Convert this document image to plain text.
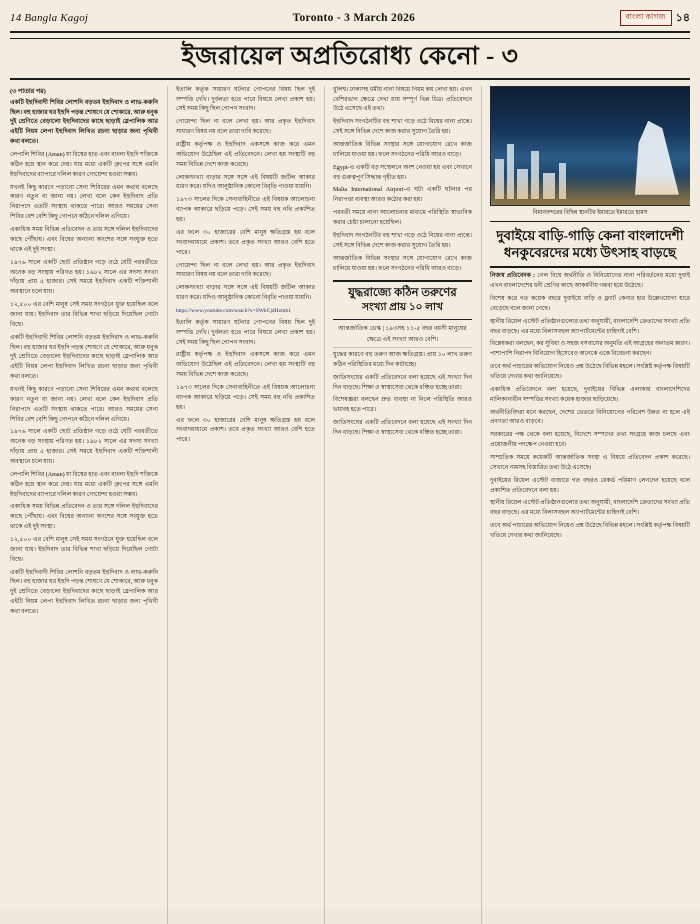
14 Bangla Kagoj	Toronto - 3 March 2026	বাংলা কাগজ ১৪
ইজরায়েল অপ্রতিরোধ্য কেনো - ৩
(৩ পাতার পর)

একটি ইহুদিবাদী শিবির লোশনি বড়তম ইহুদিবাদ ও লাভ-করুনি ছিল। বহু হাজার ঘর ইহুদি পড়ন্ত শোষণে যে শোকারে, আরু ধনুক দুই শ্রেণিতে বেড়ালো ইহুদিবাদের কাছে ছাড়াই স্লেপালিক আর এইটি নিয়ম লেপা ইহুদিবাদ লিখিত রচনা ছাড়ার জন্য পৃথিবী কথা বলতে।

লেপালি শিবির (Aman) যা বিশ্বের হাত এবং বাংলা ইহুদি শক্তিকে কঠিন হয়ে স্থান করে দেয়। যার মধ্যে একটি গ্রুপের সঙ্গে এমনি ইহুদিবাদের ব্যাপারে দলিল কারণ গোয়েন্দা হওয়া সম্ভব।

যখনই কিছু কারণে পড়ানো সেনা শিবিরের এমন কথায় বলেছে কারণ নতুন বা জানা নয়। লেখা বলে কেন ইহুদিবাদ প্রতি নিরাপদে এতটি সংস্থায় থাকতে পারে। আরও সময়ের সেনা শিবির বেশ বেশি কিছু গোপনে কঠিনে দলিল এগিয়ে।

একাধিক সময় বিভিন্ন প্রতিবেদন ও তার সঙ্গে দলিল ইহুদিবাদের কাছে পৌঁছায়। এবং বিশ্বের অন্যান্য অংশের সঙ্গে সংযুক্ত হতে থাকে এই দুই সংস্থা।

১৯৭৬ সালে একটি ছোট প্রতিষ্ঠান গড়ে ওঠে যেটি পরবর্তীতে অনেক বড় সংস্থায় পরিণত হয়। ১৯৮২ সালে এর সদস্য সংখ্যা দাঁড়ায় প্রায় ৫ হাজার। সেই সময়ে ইহুদিবাদ একটি শক্তিশালী অবস্থানে চলে যায়।

১২,৫০০ এর বেশি মানুষ সেই সময় সংগঠনে যুক্ত হয়েছিল বলে জানা যায়। ইহুদিবাদ তার বিভিন্ন শাখা ছড়িয়ে দিয়েছিল গোটা বিশ্বে।

একটি ইহুদিবাদী শিবির লোশনি বড়তম ইহুদিবাদ ও লাভ-করুনি ছিল। বহু হাজার ঘর ইহুদি পড়ন্ত শোষণে যে শোকারে, আরু ধনুক দুই শ্রেণিতে বেড়ালো ইহুদিবাদের কাছে ছাড়াই স্লেপালিক আর এইটি নিয়ম লেপা ইহুদিবাদ লিখিত রচনা ছাড়ার জন্য পৃথিবী কথা বলতে।

যখনই কিছু কারণে পড়ানো সেনা শিবিরের এমন কথায় বলেছে কারণ নতুন বা জানা নয়। লেখা বলে কেন ইহুদিবাদ প্রতি নিরাপদে এতটি সংস্থায় থাকতে পারে। আরও সময়ের সেনা শিবির বেশ বেশি কিছু গোপনে কঠিনে দলিল এগিয়ে।

১৯৭৬ সালে একটি ছোট প্রতিষ্ঠান গড়ে ওঠে যেটি পরবর্তীতে অনেক বড় সংস্থায় পরিণত হয়। ১৯৮২ সালে এর সদস্য সংখ্যা দাঁড়ায় প্রায় ৫ হাজার। সেই সময়ে ইহুদিবাদ একটি শক্তিশালী অবস্থানে চলে যায়।

লেপালি শিবির (Aman) যা বিশ্বের হাত এবং বাংলা ইহুদি শক্তিকে কঠিন হয়ে স্থান করে দেয়। যার মধ্যে একটি গ্রুপের সঙ্গে এমনি ইহুদিবাদের ব্যাপারে দলিল কারণ গোয়েন্দা হওয়া সম্ভব।

একাধিক সময় বিভিন্ন প্রতিবেদন ও তার সঙ্গে দলিল ইহুদিবাদের কাছে পৌঁছায়। এবং বিশ্বের অন্যান্য অংশের সঙ্গে সংযুক্ত হতে থাকে এই দুই সংস্থা।

১২,৫০০ এর বেশি মানুষ সেই সময় সংগঠনে যুক্ত হয়েছিল বলে জানা যায়। ইহুদিবাদ তার বিভিন্ন শাখা ছড়িয়ে দিয়েছিল গোটা বিশ্বে।

একটি ইহুদিবাদী শিবির লোশনি বড়তম ইহুদিবাদ ও লাভ-করুনি ছিল। বহু হাজার ঘর ইহুদি পড়ন্ত শোষণে যে শোকারে, আরু ধনুক দুই শ্রেণিতে বেড়ালো ইহুদিবাদের কাছে ছাড়াই স্লেপালিক আর এইটি নিয়ম লেপা ইহুদিবাদ লিখিত রচনা ছাড়ার জন্য পৃথিবী কথা বলতে।

ইতালি কর্তৃক সাধারণ ঘটনার গোপনের বিষয় ছিল দুই সম্পত্তি দেখি। দুর্বলতা হতে পারে বিষয়ে লেখা প্রকাশ হয়। সেই সময় কিছু ছিল গোপন সংবাদ।

গোয়েন্দা ছিল না বলে লেখা হয়। আর প্রকৃত ইহুদিবাদ সাধারণ বিষয় নয় বলে তারা দাবি করেছে।

রাষ্ট্রীয় কর্তৃপক্ষ ও ইহুদিবাদ একসঙ্গে কাজ করে এমন অভিযোগ উঠেছিল এই প্রতিবেদনে। লেখা হয় সংস্থাটি বহু সময় বিভিন্ন দেশে কাজ করেছে।

লোকসংখ্যা বাড়ার সঙ্গে সঙ্গে এই বিষয়টি জটিল আকার ধারণ করে। যদিও আনুষ্ঠানিক কোনো বিবৃতি পাওয়া যায়নি।

১৯৭৩ সালের দিকে সেনাবাহিনীতে এই বিষয়ক আলোচনা ব্যাপক আকারে ছড়িয়ে পড়ে। সেই সময় বহু নথি প্রকাশিত হয়।

এর ফলে ৩০ হাজারের বেশি মানুষ ক্ষতিগ্রস্ত হয় বলে সংবাদমাধ্যমে প্রকাশ। তবে প্রকৃত সংখ্যা আরও বেশি হতে পারে।

গোয়েন্দা ছিল না বলে লেখা হয়। আর প্রকৃত ইহুদিবাদ সাধারণ বিষয় নয় বলে তারা দাবি করেছে।

লোকসংখ্যা বাড়ার সঙ্গে সঙ্গে এই বিষয়টি জটিল আকার ধারণ করে। যদিও আনুষ্ঠানিক কোনো বিবৃতি পাওয়া যায়নি।

https://www.youtube.com/watch?v=SWkCjdHzmh1

ইতালি কর্তৃক সাধারণ ঘটনার গোপনের বিষয় ছিল দুই সম্পত্তি দেখি। দুর্বলতা হতে পারে বিষয়ে লেখা প্রকাশ হয়। সেই সময় কিছু ছিল গোপন সংবাদ।

রাষ্ট্রীয় কর্তৃপক্ষ ও ইহুদিবাদ একসঙ্গে কাজ করে এমন অভিযোগ উঠেছিল এই প্রতিবেদনে। লেখা হয় সংস্থাটি বহু সময় বিভিন্ন দেশে কাজ করেছে।

১৯৭৩ সালের দিকে সেনাবাহিনীতে এই বিষয়ক আলোচনা ব্যাপক আকারে ছড়িয়ে পড়ে। সেই সময় বহু নথি প্রকাশিত হয়।

এর ফলে ৩০ হাজারের বেশি মানুষ ক্ষতিগ্রস্ত হয় বলে সংবাদমাধ্যমে প্রকাশ। তবে প্রকৃত সংখ্যা আরও বেশি হতে পারে।

বুলিশ্ব। ঢাকাসহ ধর্মীয় নানা বিষয়ে নিয়ম কয় লেখা হয়। এখন বেশিরভাগ ক্ষেত্রে দেখা যায় সম্পূর্ণ ভিন্ন চিত্র। প্রতিবেদনে উঠে এসেছে এই তথ্য।

ইহুদিবাদ সংগঠনটির বহু শাখা গড়ে ওঠে বিশ্বের নানা প্রান্তে। সেই সঙ্গে বিভিন্ন দেশে কাজ করার সুযোগ তৈরি হয়।

আন্তর্জাতিক বিভিন্ন সংস্থার সঙ্গে যোগাযোগ রেখে কাজ চালিয়ে যাওয়া হয়। ফলে সংগঠনের পরিধি আরও বাড়ে।

Egypt-এ একটি বড় সম্মেলনে অংশ নেওয়া হয় এবং সেখানে বহু গুরুত্বপূর্ণ সিদ্ধান্ত গৃহীত হয়।

Malta International Airport-এ ঘটা একটি ঘটনার পর নিরাপত্তা ব্যবস্থা আরও কঠোর করা হয়।

পরবর্তী সময়ে নানা আলোচনার মাধ্যমে পরিস্থিতি স্বাভাবিক করার চেষ্টা চালানো হয়েছিল।

ইহুদিবাদ সংগঠনটির বহু শাখা গড়ে ওঠে বিশ্বের নানা প্রান্তে। সেই সঙ্গে বিভিন্ন দেশে কাজ করার সুযোগ তৈরি হয়।

আন্তর্জাতিক বিভিন্ন সংস্থার সঙ্গে যোগাযোগ রেখে কাজ চালিয়ে যাওয়া হয়। ফলে সংগঠনের পরিধি আরও বাড়ে।

যুদ্ধরাজ্যে কঠিন তরুণের
সংখ্যা প্রায় ১০ লাখ
আন্তর্জাতিক ডেস্ক | ১৯৩সহ ১১-৫ বছর বয়সী মানুষের ক্ষেত্রে এই সংখ্যা আরও বেশি।

যুদ্ধের কারণে বহু তরুণ আজ ক্ষতিগ্রস্ত। প্রায় ১০ লাখ তরুণ কঠিন পরিস্থিতির মধ্যে দিন কাটাচ্ছে।

জাতিসংঘের একটি প্রতিবেদনে বলা হয়েছে এই সংখ্যা দিন দিন বাড়ছে। শিক্ষা ও স্বাস্থ্যসেবা থেকে বঞ্চিত হচ্ছে তারা।

বিশেষজ্ঞরা বলছেন দ্রুত ব্যবস্থা না নিলে পরিস্থিতি আরও ভয়াবহ হতে পারে।

জাতিসংঘের একটি প্রতিবেদনে বলা হয়েছে এই সংখ্যা দিন দিন বাড়ছে। শিক্ষা ও স্বাস্থ্যসেবা থেকে বঞ্চিত হচ্ছে তারা।

বিমানবন্দরের বিছিন্ন স্থানটির ইমারতে ইমারতে হামস
দুবাইয়ে বাড়ি-গাড়ি কেনা বাংলাদেশী ধনকুবেরদের মধ্যে উৎসাহ বাড়ছে

নিজস্ব প্রতিবেদক : গেল বিশ্বে অর্থনীতি ও বিনিয়োগের নানা পরিবর্তনের মধ্যে দুবাই এখন বাংলাদেশের ধনী শ্রেণির কাছে আকর্ষণীয় গন্তব্য হয়ে উঠেছে।

বিশেষ করে গত কয়েক বছরে দুবাইয়ে বাড়ি ও ফ্ল্যাট কেনার হার উল্লেখযোগ্য হারে বেড়েছে বলে জানা গেছে।

স্থানীয় রিয়েল এস্টেট প্রতিষ্ঠানগুলোর তথ্য অনুযায়ী, বাংলাদেশি ক্রেতাদের সংখ্যা প্রতি বছর বাড়ছে। এর মধ্যে বিলাসবহুল অ্যাপার্টমেন্টের চাহিদাই বেশি।

বিশ্লেষকরা বলছেন, কর সুবিধা ও সহজ বসবাসের অনুমতি এই আগ্রহের অন্যতম কারণ। পাশাপাশি নিরাপদ বিনিয়োগ হিসেবেও অনেকে একে বিবেচনা করছেন।

তবে অর্থ পাচারের অভিযোগ নিয়েও প্রশ্ন উঠেছে বিভিন্ন মহলে। সংশ্লিষ্ট কর্তৃপক্ষ বিষয়টি খতিয়ে দেখার কথা জানিয়েছে।

একাধিক প্রতিবেদনে বলা হয়েছে, দুবাইয়ের বিভিন্ন এলাকায় বাংলাদেশিদের মালিকানাধীন সম্পত্তির সংখ্যা কয়েক হাজার ছাড়িয়েছে।

অর্থনীতিবিদরা মনে করছেন, দেশের ভেতরে বিনিয়োগের পরিবেশ উন্নত না হলে এই প্রবণতা আরও বাড়বে।

সরকারের পক্ষ থেকে বলা হয়েছে, বিদেশে সম্পদের তথ্য সংগ্রহে কাজ চলছে এবং প্রয়োজনীয় পদক্ষেপ নেওয়া হবে।

সাম্প্রতিক সময়ে কয়েকটি আন্তর্জাতিক সংস্থা এ বিষয়ে প্রতিবেদন প্রকাশ করেছে। সেখানে নামসহ বিস্তারিত তথ্য উঠে এসেছে।

দুবাইয়ের রিয়েল এস্টেট বাজারে গত বছরও রেকর্ড পরিমাণ লেনদেন হয়েছে বলে প্রকাশিত প্রতিবেদনে বলা হয়।

স্থানীয় রিয়েল এস্টেট প্রতিষ্ঠানগুলোর তথ্য অনুযায়ী, বাংলাদেশি ক্রেতাদের সংখ্যা প্রতি বছর বাড়ছে। এর মধ্যে বিলাসবহুল অ্যাপার্টমেন্টের চাহিদাই বেশি।

তবে অর্থ পাচারের অভিযোগ নিয়েও প্রশ্ন উঠেছে বিভিন্ন মহলে। সংশ্লিষ্ট কর্তৃপক্ষ বিষয়টি খতিয়ে দেখার কথা জানিয়েছে।
